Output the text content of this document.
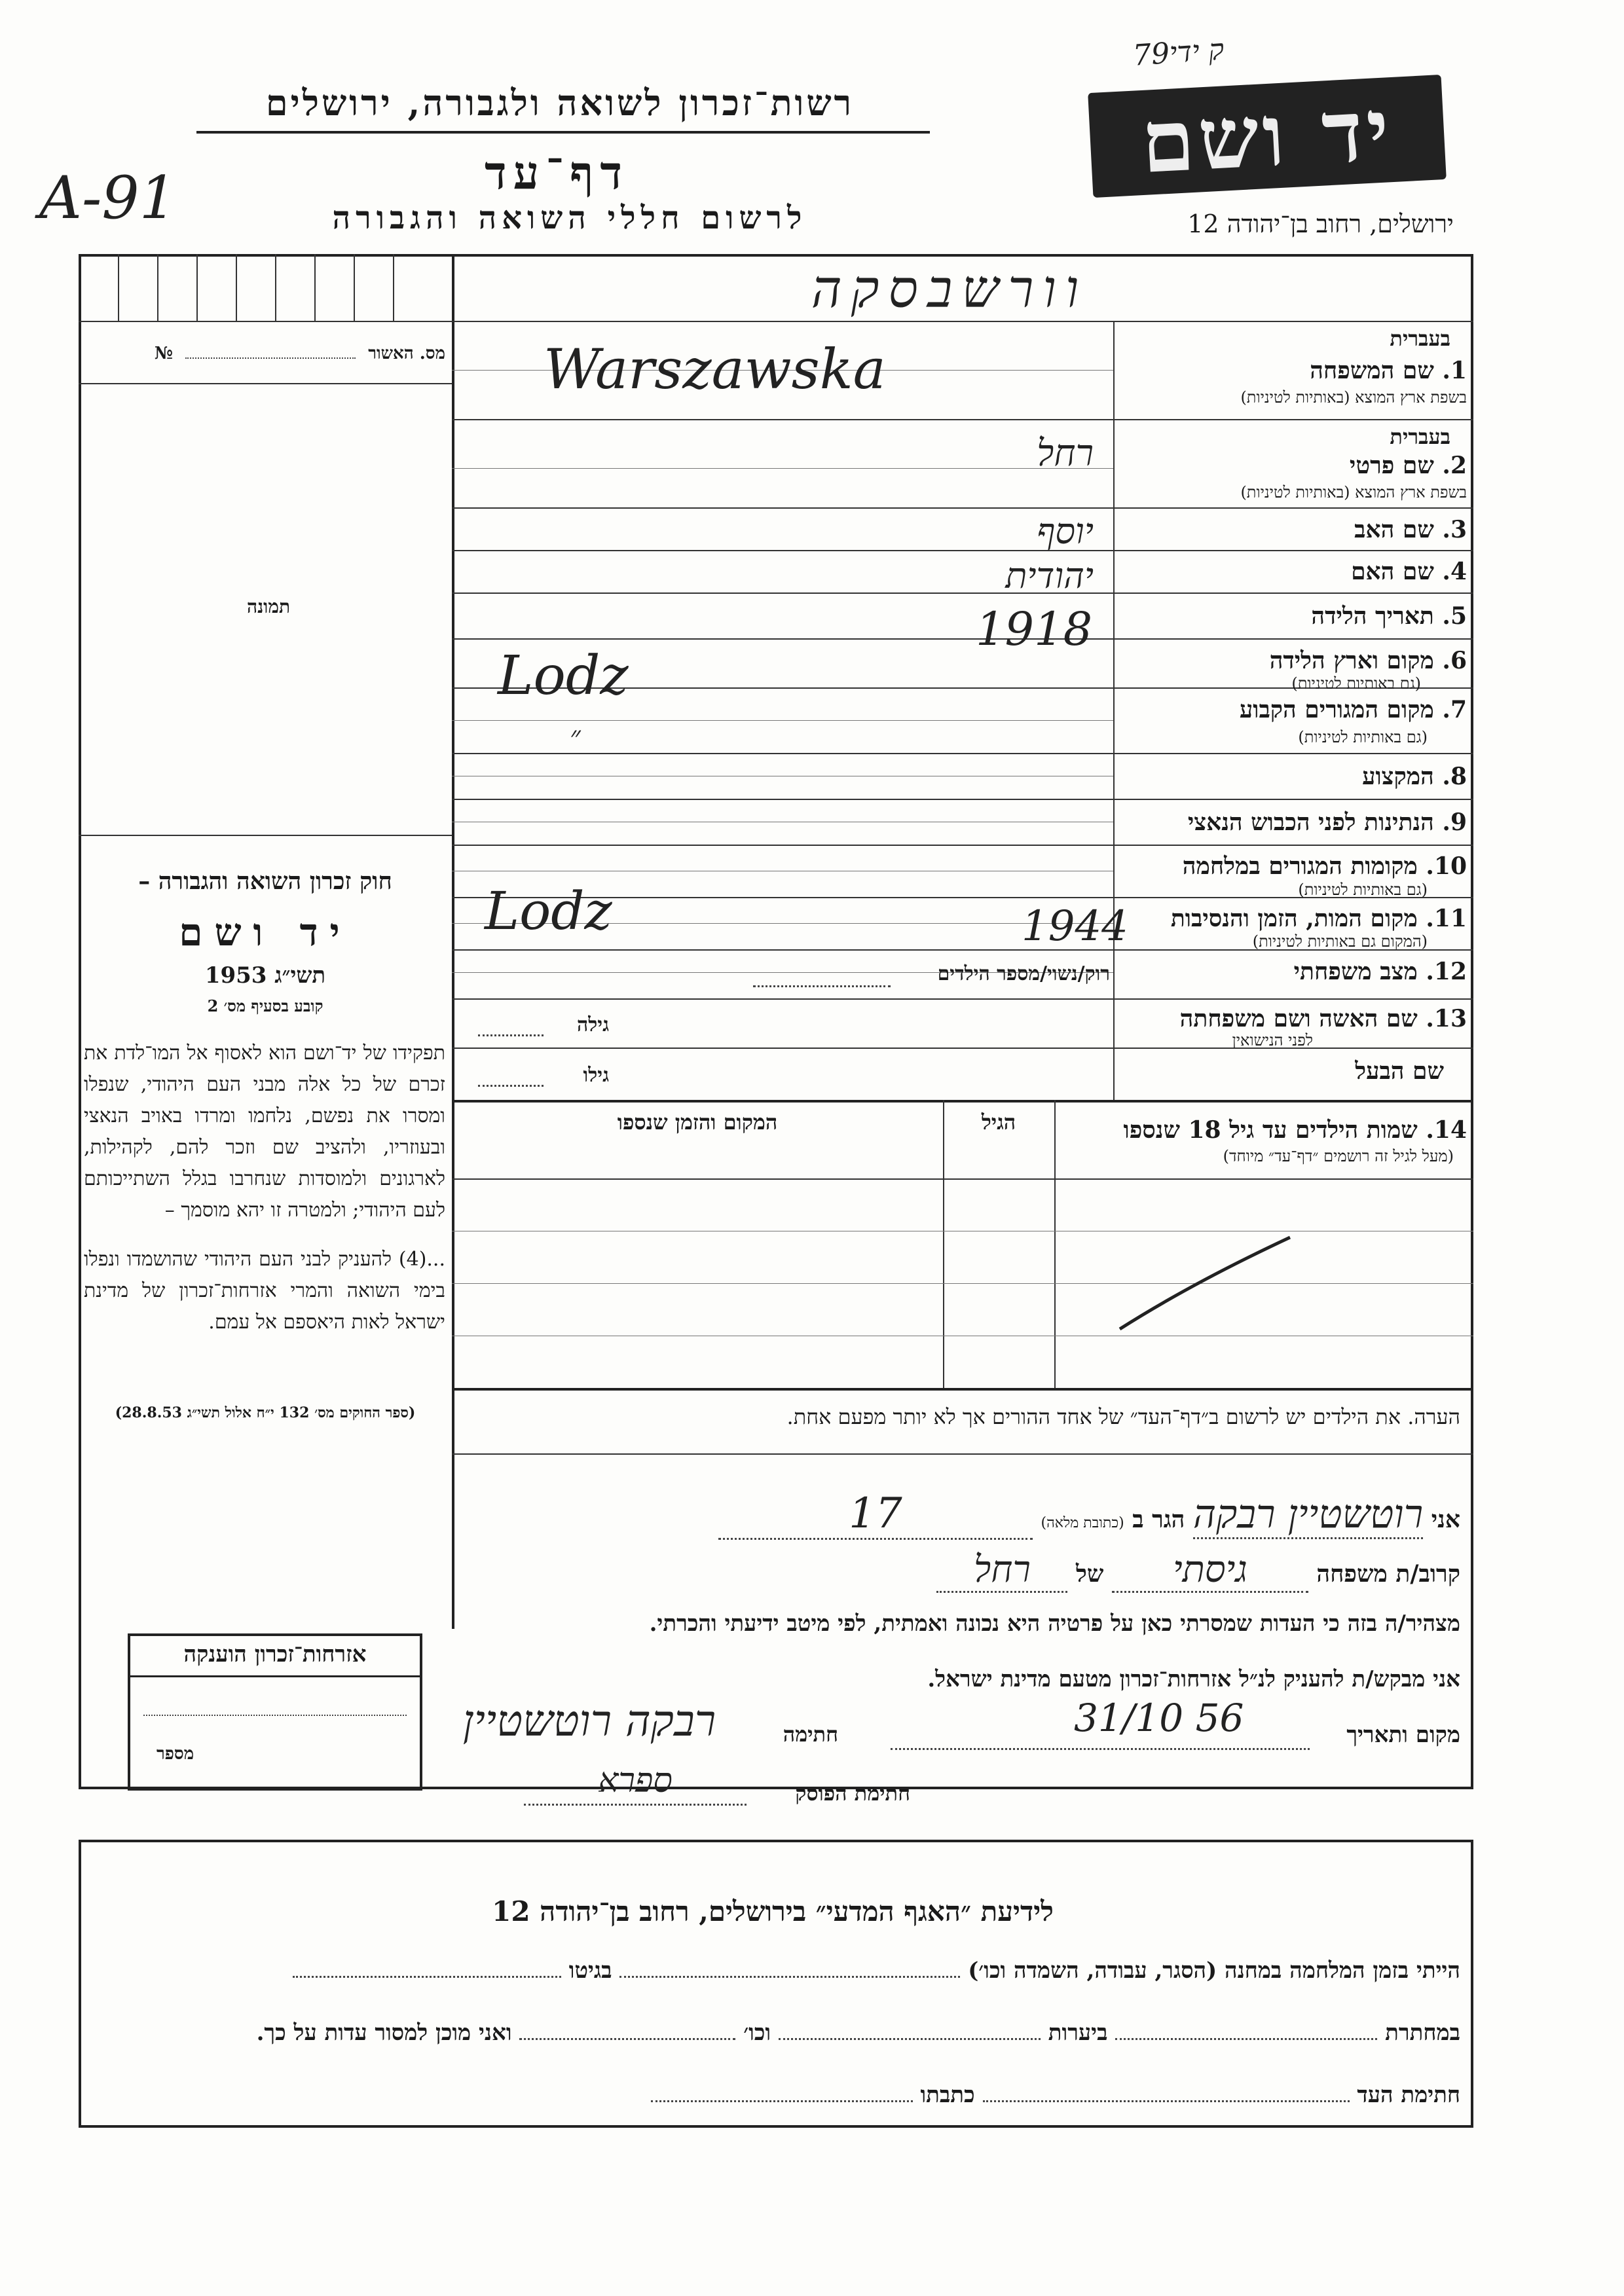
79ק ידי
A-91
יד ושם
רשות־זכרון לשואה ולגבורה, ירושלים
דף־עד
לרשום חללי השואה והגבורה	ירושלים, רחוב בן־יהודה 12
וורשבסקה
מס. האשור  №
תמונה
חוק זכרון השואה והגבורה –
יד ושם
תשי״ג 1953
קובע בסעיף מס׳ 2
תפקידו של יד־ושם הוא לאסוף אל המו־לדת את זכרם של כל אלה מבני העם היהודי, שנפלו ומסרו את נפשם, נלחמו ומרדו באויב הנאצי ובעוזריו, ולהציב שם וזכר להם, לקהילות, לארגונים ולמוסדות שנחרבו בגלל השתייכותם לעם היהודי; ולמטרה זו יהא מוסמך –
...(4) להעניק לבני העם היהודי שהושמדו ונפלו בימי השואה והמרי אזרחות־זכרון של מדינת ישראל לאות היאספם אל עמם.
(ספר החוקים מס׳ 132 י״ח אלול תשי״ג 28.8.53)
בעברית
1. שם המשפחה
בשפת ארץ המוצא (באותיות לטיניות)
בעברית
2. שם פרטי
בשפת ארץ המוצא (באותיות לטיניות)
3. שם האב
4. שם האם
5. תאריך הלידה
6. מקום וארץ הלידה
(גם באותיות לטיניות)
7. מקום המגורים הקבוע
(גם באותיות לטיניות)
8. המקצוע
9. הנתינות לפני הכבוש הנאצי
10. מקומות המגורים במלחמה
(גם באותיות לטיניות)
11. מקום המות, הזמן והנסיבות
(המקום גם באותיות לטיניות)
12. מצב משפחתי
13. שם האשה ושם משפחתה
לפני הנישואין
שם הבעל
רוק/נשוי/מספר הילדים
גילה
גילו
Warszawska
רחל
יוסף
יהודית
1918
Lodz
״
Lodz	1944
14. שמות הילדים עד גיל 18 שנספו
(מעל לגיל זה רושמים ״דף־עד״ מיוחד)
הגיל
המקום והזמן שנספו
הערה. את הילדים יש לרשום ב״דף־העד״ של אחד ההורים אך לא יותר מפעם אחת.
אני רוטשטיין רבקה הגר ב (כתובת מלאה) 17
קרוב/ת משפחה גיסתי של רחל
מצהיר/ה בזה כי העדות שמסרתי כאן על פרטיה היא נכונה ואמתית, לפי מיטב ידיעתי והכרתי.
אני מבקש/ת להעניק לנ״ל אזרחות־זכרון מטעם מדינת ישראל.
מקום ותאריך
31/10 56
חתימה
רבקה רוטשטיין
חתימת הפוסק
ספרא
אזרחות־זכרון הוענקה
מספר
לידיעת ״האגף המדעי״ בירושלים, רחוב בן־יהודה 12
הייתי בזמן המלחמה במחנה (הסגר, עבודה, השמדה וכו׳)  בגיטו
במחתרת  ביערות  וכו׳  ואני מוכן למסור עדות על כך.
חתימת העד  כתבתו
